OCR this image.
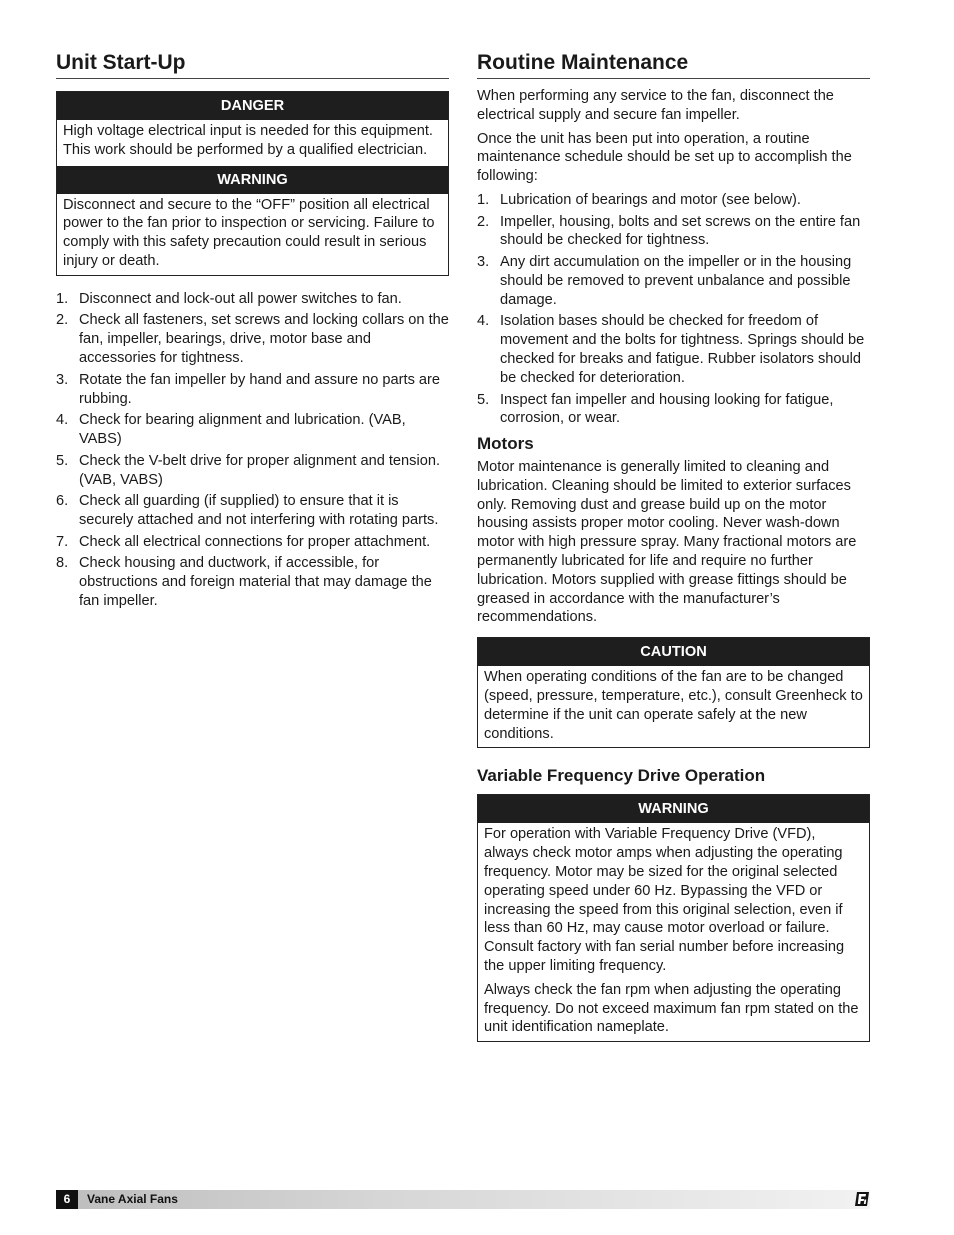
Unit Start-Up
DANGER
High voltage electrical input is needed for this equipment. This work should be performed by a qualified electrician.
WARNING
Disconnect and secure to the “OFF” position all electrical power to the fan prior to inspection or servicing. Failure to comply with this safety precaution could result in serious injury or death.
1. Disconnect and lock-out all power switches to fan.
2. Check all fasteners, set screws and locking collars on the fan, impeller, bearings, drive, motor base and accessories for tightness.
3. Rotate the fan impeller by hand and assure no parts are rubbing.
4. Check for bearing alignment and lubrication. (VAB, VABS)
5. Check the V-belt drive for proper alignment and tension. (VAB, VABS)
6. Check all guarding (if supplied) to ensure that it is securely attached and not interfering with rotating parts.
7. Check all electrical connections for proper attachment.
8. Check housing and ductwork, if accessible, for obstructions and foreign material that may damage the fan impeller.
Routine Maintenance

When performing any service to the fan, disconnect the electrical supply and secure fan impeller.

Once the unit has been put into operation, a routine maintenance schedule should be set up to accomplish the following:

1. Lubrication of bearings and motor (see below).
2. Impeller, housing, bolts and set screws on the entire fan should be checked for tightness.
3. Any dirt accumulation on the impeller or in the housing should be removed to prevent unbalance and possible damage.
4. Isolation bases should be checked for freedom of movement and the bolts for tightness. Springs should be checked for breaks and fatigue. Rubber isolators should be checked for deterioration.
5. Inspect fan impeller and housing looking for fatigue, corrosion, or wear.
Motors

Motor maintenance is generally limited to cleaning and lubrication. Cleaning should be limited to exterior surfaces only. Removing dust and grease build up on the motor housing assists proper motor cooling. Never wash-down motor with high pressure spray. Many fractional motors are permanently lubricated for life and require no further lubrication. Motors supplied with grease fittings should be greased in accordance with the manufacturer’s recommendations.

CAUTION
When operating conditions of the fan are to be changed (speed, pressure, temperature, etc.), consult Greenheck to determine if the unit can operate safely at the new conditions.
Variable Frequency Drive Operation
WARNING

For operation with Variable Frequency Drive (VFD), always check motor amps when adjusting the operating frequency. Motor may be sized for the original selected operating speed under 60 Hz. Bypassing the VFD or increasing the speed from this original selection, even if less than 60 Hz, may cause motor overload or failure. Consult factory with fan serial number before increasing the upper limiting frequency.

Always check the fan rpm when adjusting the operating frequency. Do not exceed maximum fan rpm stated on the unit identification nameplate.

6	Vane Axial Fans
